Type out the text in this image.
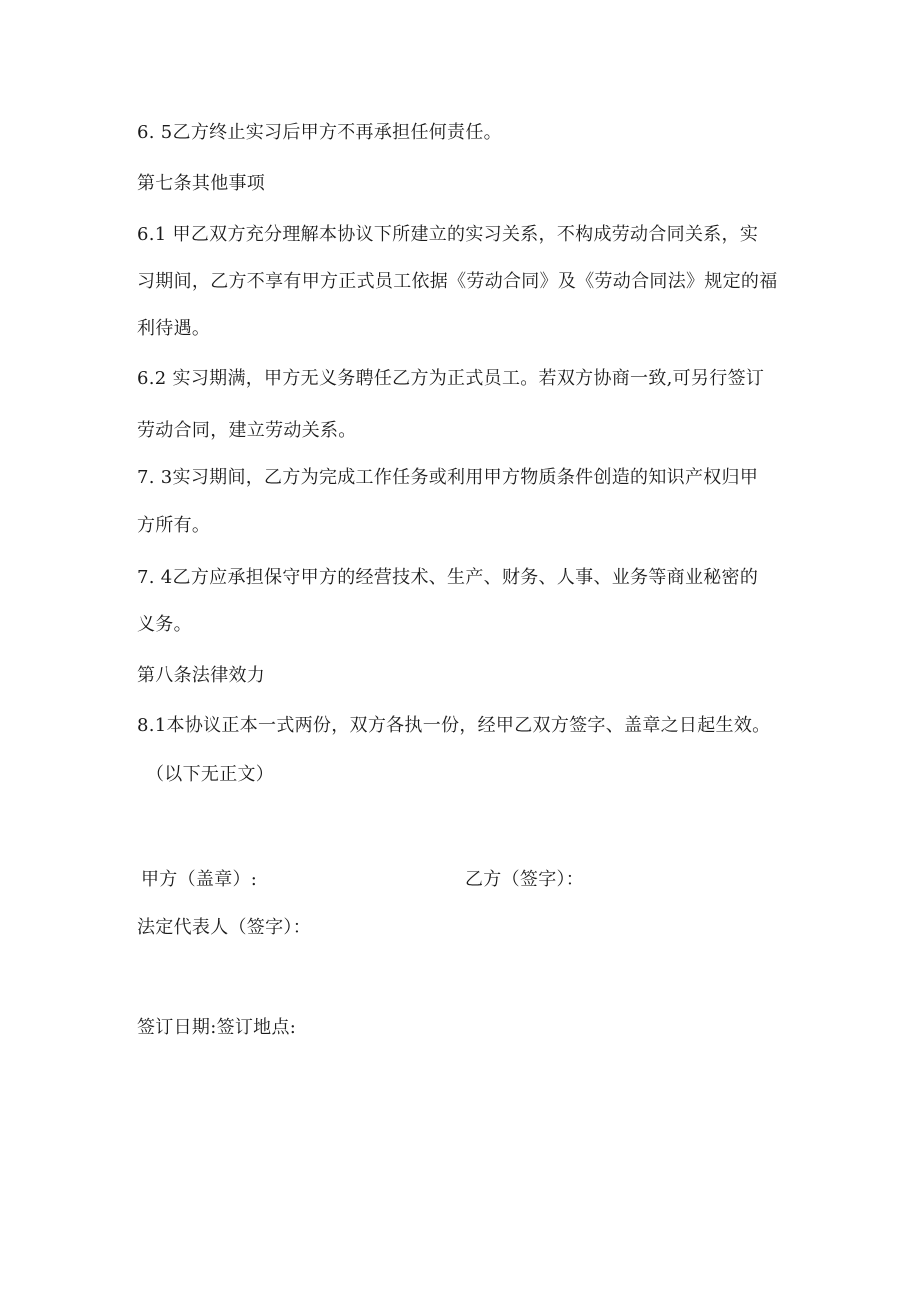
6. 5乙方终止实习后甲方不再承担任何责任。
第七条其他事项
6.1 甲乙双方充分理解本协议下所建立的实习关系，不构成劳动合同关系，实
习期间，乙方不享有甲方正式员工依据《劳动合同》及《劳动合同法》规定的福
利待遇。
6.2 实习期满，甲方无义务聘任乙方为正式员工。若双方协商一致,可另行签订
劳动合同，建立劳动关系。
7. 3实习期间，乙方为完成工作任务或利用甲方物质条件创造的知识产权归甲
方所有。
7. 4乙方应承担保守甲方的经营技术、生产、财务、人事、业务等商业秘密的
义务。
第八条法律效力
8.1本协议正本一式两份，双方各执一份，经甲乙双方签字、盖章之日起生效。
（以下无正文）
甲方（盖章）:	乙方（签字）：
法定代表人（签字）：
签订日期:签订地点:
